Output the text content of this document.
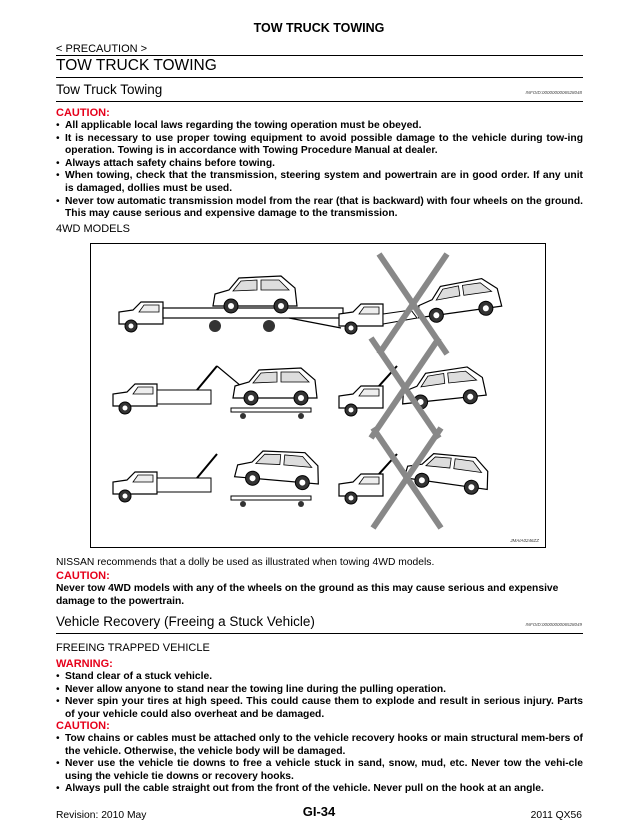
TOW TRUCK TOWING
< PRECAUTION >
TOW TRUCK TOWING
Tow Truck Towing	INFOID:0000000006528048
CAUTION:
• All applicable local laws regarding the towing operation must be obeyed.
• It is necessary to use proper towing equipment to avoid possible damage to the vehicle during tow-ing operation. Towing is in accordance with Towing Procedure Manual at dealer.
• Always attach safety chains before towing.
• When towing, check that the transmission, steering system and powertrain are in good order. If any unit is damaged, dollies must be used.
• Never tow automatic transmission model from the rear (that is backward) with four wheels on the ground. This may cause serious and expensive damage to the transmission.
4WD MODELS
JMAIA0246ZZ
NISSAN recommends that a dolly be used as illustrated when towing 4WD models.
CAUTION:
Never tow 4WD models with any of the wheels on the ground as this may cause serious and expensive damage to the powertrain.
Vehicle Recovery (Freeing a Stuck Vehicle)	INFOID:0000000006528049
FREEING TRAPPED VEHICLE
WARNING:
• Stand clear of a stuck vehicle.
• Never allow anyone to stand near the towing line during the pulling operation.
• Never spin your tires at high speed. This could cause them to explode and result in serious injury. Parts of your vehicle could also overheat and be damaged.
CAUTION:
• Tow chains or cables must be attached only to the vehicle recovery hooks or main structural mem-bers of the vehicle. Otherwise, the vehicle body will be damaged.
• Never use the vehicle tie downs to free a vehicle stuck in sand, snow, mud, etc. Never tow the vehi-cle using the vehicle tie downs or recovery hooks.
• Always pull the cable straight out from the front of the vehicle. Never pull on the hook at an angle.
Revision: 2010 May	GI-34	2011 QX56
